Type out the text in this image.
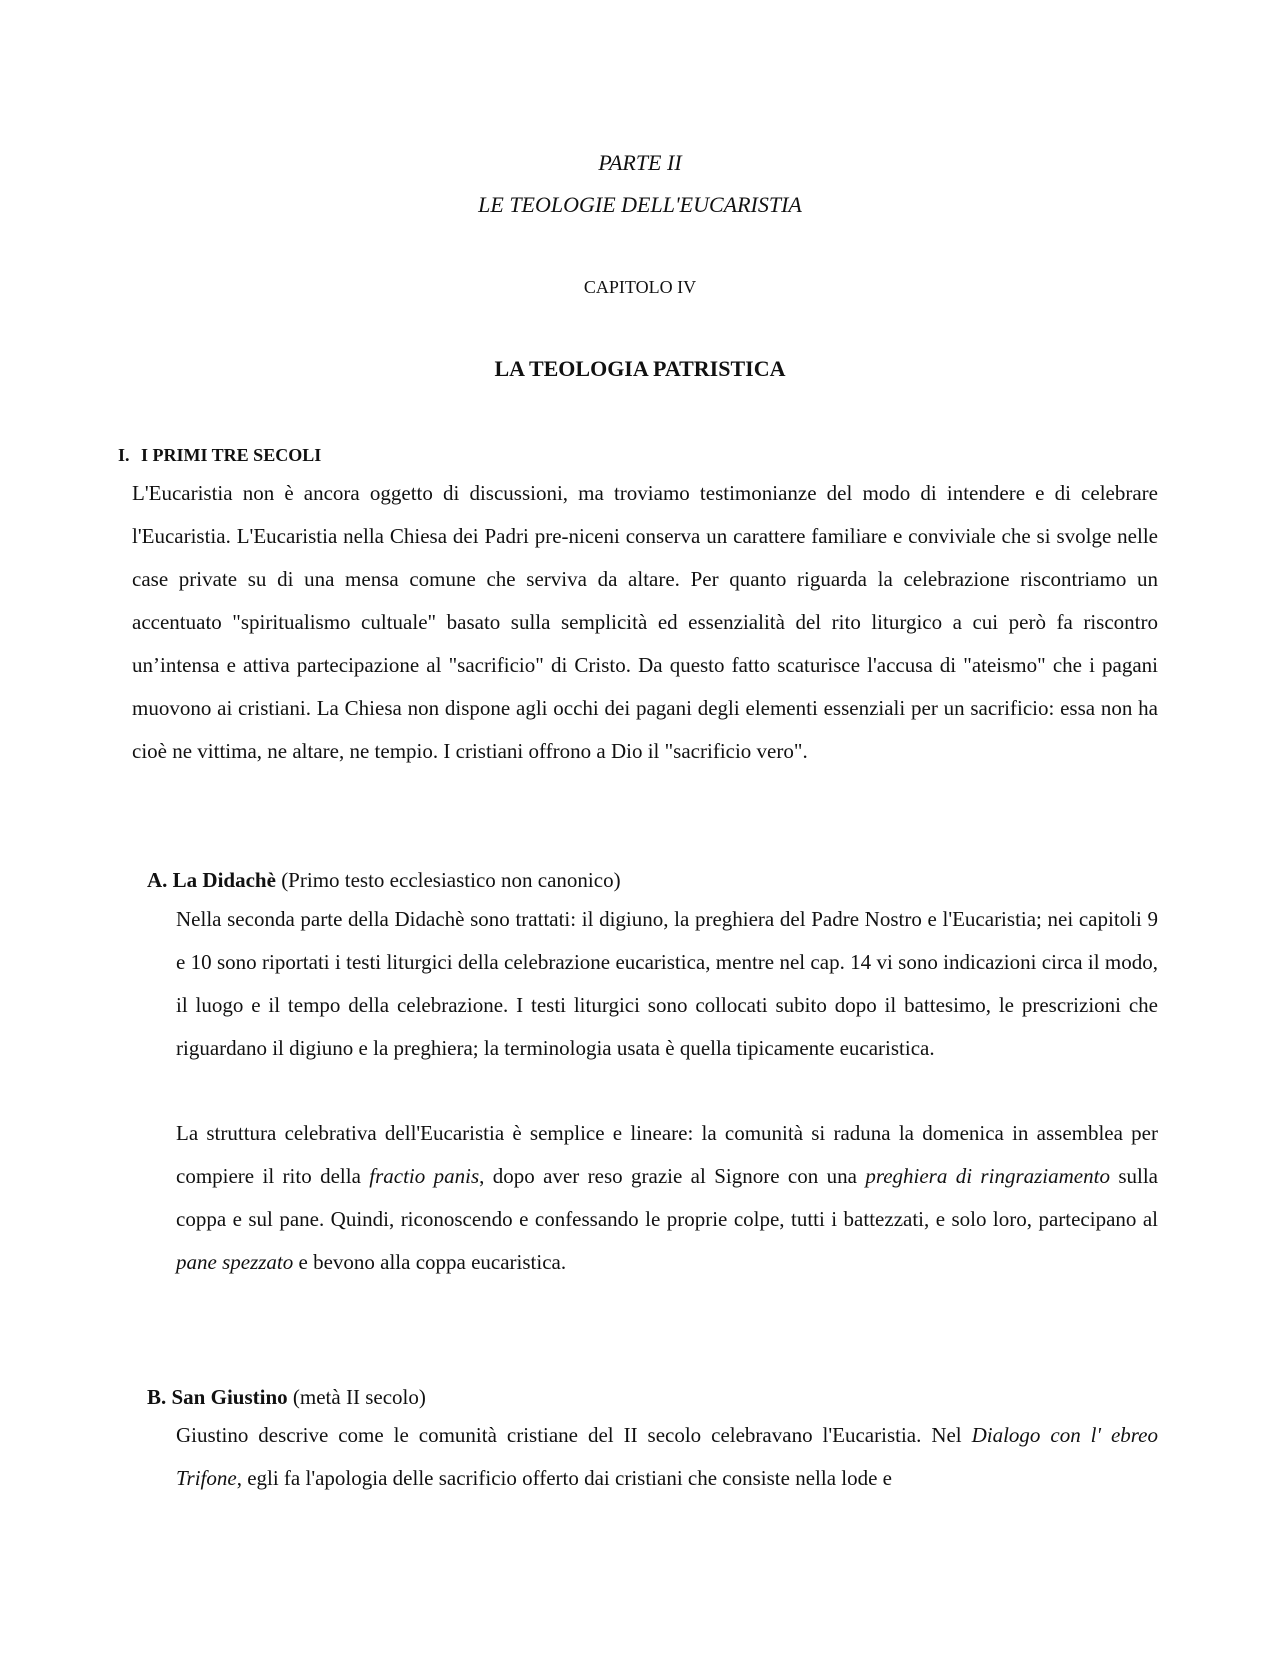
PARTE II
LE TEOLOGIE DELL'EUCARISTIA
CAPITOLO IV
LA TEOLOGIA PATRISTICA
I. I PRIMI TRE SECOLI

L'Eucaristia non è ancora oggetto di discussioni, ma troviamo testimonianze del modo di intendere e di celebrare l'Eucaristia. L'Eucaristia nella Chiesa dei Padri pre-niceni conserva un carattere familiare e conviviale che si svolge nelle case private su di una mensa comune che serviva da altare. Per quanto riguarda la celebrazione riscontriamo un accentuato "spiritualismo cultuale" basato sulla semplicità ed essenzialità del rito liturgico a cui però fa riscontro un’intensa e attiva partecipazione al "sacrificio" di Cristo. Da questo fatto scaturisce l'accusa di "ateismo" che i pagani muovono ai cristiani. La Chiesa non dispone agli occhi dei pagani degli elementi essenziali per un sacrificio: essa non ha cioè ne vittima, ne altare, ne tempio. I cristiani offrono a Dio il "sacrificio vero".

A. La Didachè (Primo testo ecclesiastico non canonico)

Nella seconda parte della Didachè sono trattati: il digiuno, la preghiera del Padre Nostro e l'Eucaristia; nei capitoli 9 e 10 sono riportati i testi liturgici della celebrazione eucaristica, mentre nel cap. 14 vi sono indicazioni circa il modo, il luogo e il tempo della celebrazione. I testi liturgici sono collocati subito dopo il battesimo, le prescrizioni che riguardano il digiuno e la preghiera; la terminologia usata è quella tipicamente eucaristica.

La struttura celebrativa dell'Eucaristia è semplice e lineare: la comunità si raduna la domenica in assemblea per compiere il rito della fractio panis, dopo aver reso grazie al Signore con una preghiera di ringraziamento sulla coppa e sul pane. Quindi, riconoscendo e confessando le proprie colpe, tutti i battezzati, e solo loro, partecipano al pane spezzato e bevono alla coppa eucaristica.

B. San Giustino (metà II secolo)

Giustino descrive come le comunità cristiane del II secolo celebravano l'Eucaristia. Nel Dialogo con l' ebreo Trifone, egli fa l'apologia delle sacrificio offerto dai cristiani che consiste nella lode e
